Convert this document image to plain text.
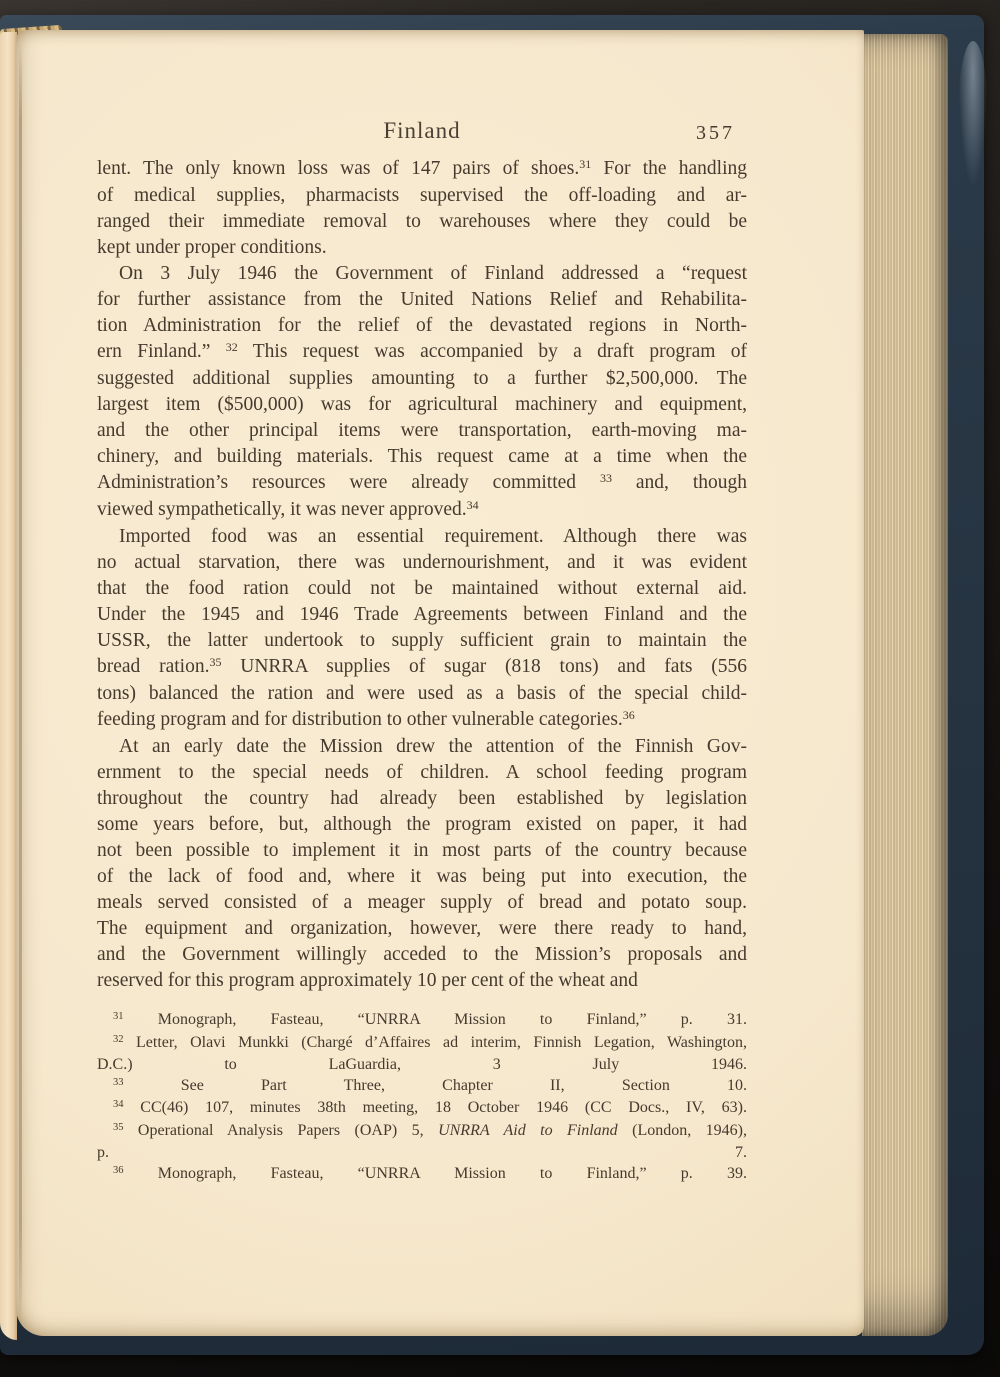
Finland	357
lent. The only known loss was of 147 pairs of shoes.$^{31}$ For the handling
of medical supplies, pharmacists supervised the off-loading and ar-
ranged their immediate removal to warehouses where they could be
kept under proper conditions.
On 3 July 1946 the Government of Finland addressed a “request
for further assistance from the United Nations Relief and Rehabilita-
tion Administration for the relief of the devastated regions in North-
ern Finland.” $^{32}$ This request was accompanied by a draft program of
suggested additional supplies amounting to a further $2,500,000. The
largest item ($500,000) was for agricultural machinery and equipment,
and the other principal items were transportation, earth-moving ma-
chinery, and building materials. This request came at a time when the
Administration’s resources were already committed $^{33}$ and, though
viewed sympathetically, it was never approved.$^{34}$
Imported food was an essential requirement. Although there was
no actual starvation, there was undernourishment, and it was evident
that the food ration could not be maintained without external aid.
Under the 1945 and 1946 Trade Agreements between Finland and the
USSR, the latter undertook to supply sufficient grain to maintain the
bread ration.$^{35}$ UNRRA supplies of sugar (818 tons) and fats (556
tons) balanced the ration and were used as a basis of the special child-
feeding program and for distribution to other vulnerable categories.$^{36}$
At an early date the Mission drew the attention of the Finnish Gov-
ernment to the special needs of children. A school feeding program
throughout the country had already been established by legislation
some years before, but, although the program existed on paper, it had
not been possible to implement it in most parts of the country because
of the lack of food and, where it was being put into execution, the
meals served consisted of a meager supply of bread and potato soup.
The equipment and organization, however, were there ready to hand,
and the Government willingly acceded to the Mission’s proposals and
reserved for this program approximately 10 per cent of the wheat and
$^{31}$ Monograph, Fasteau, “UNRRA Mission to Finland,” p. 31.
$^{32}$ Letter, Olavi Munkki (Chargé d’Affaires ad interim, Finnish Legation, Washington,
D.C.) to LaGuardia, 3 July 1946.
$^{33}$ See Part Three, Chapter II, Section 10.
$^{34}$ CC(46) 107, minutes 38th meeting, 18 October 1946 (CC Docs., IV, 63).
$^{35}$ Operational Analysis Papers (OAP) 5, UNRRA Aid to Finland (London, 1946),
p. 7.
$^{36}$ Monograph, Fasteau, “UNRRA Mission to Finland,” p. 39.
